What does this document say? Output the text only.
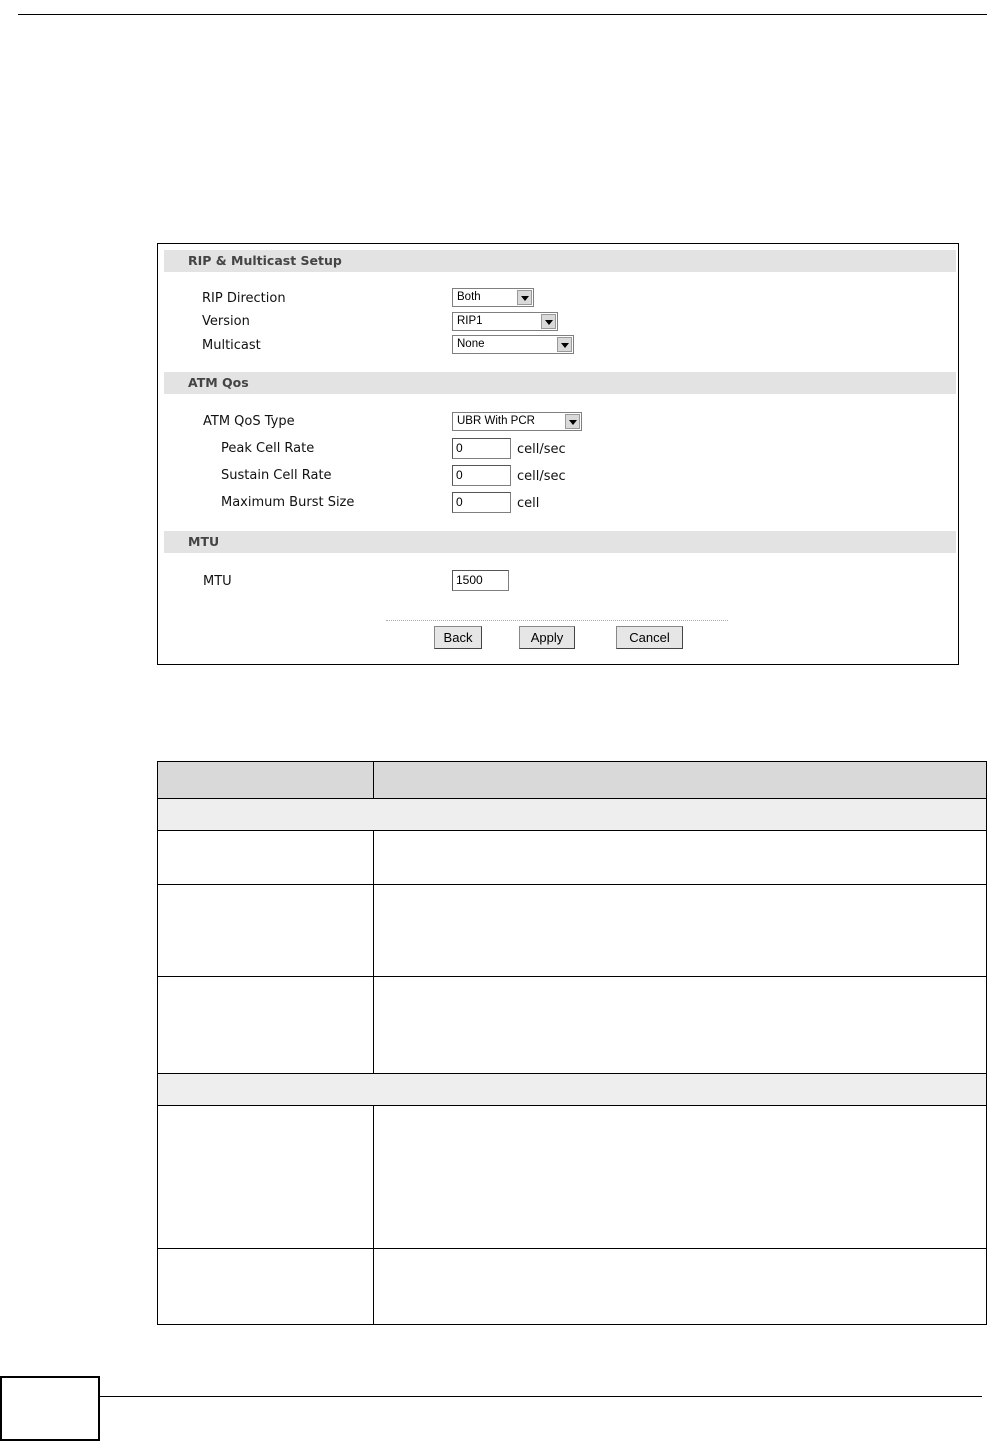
RIP & Multicast Setup
RIP Direction	Both
Version	RIP1
Multicast	None
ATM Qos
ATM QoS Type	UBR With PCR
Peak Cell Rate	0	cell/sec
Sustain Cell Rate	0	cell/sec
Maximum Burst Size	0	cell
MTU
MTU	1500
Back	Apply	Cancel
